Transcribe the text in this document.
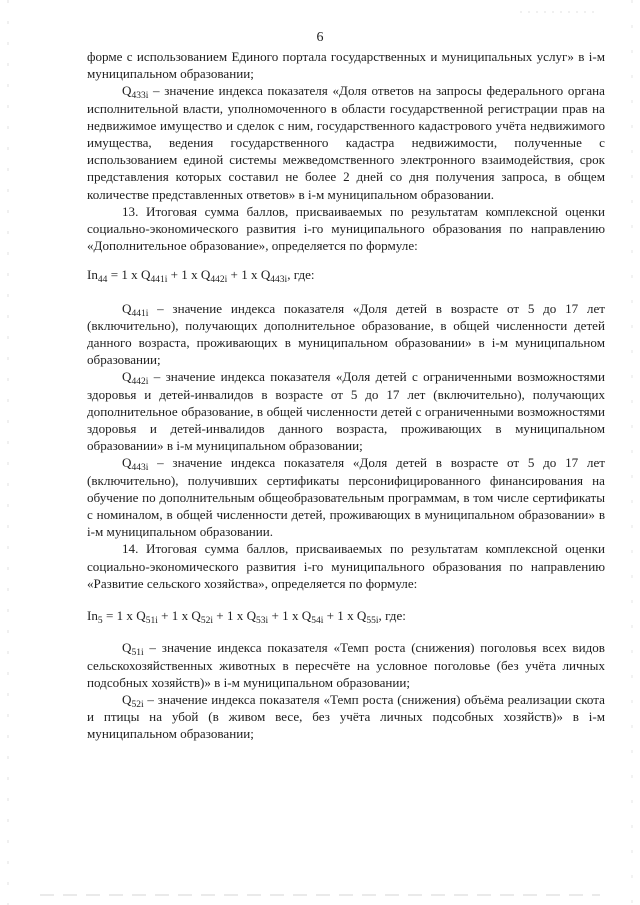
6

форме с использованием Единого портала государственных и муниципальных услуг» в i-м муниципальном образовании;

$Q_{433i}$ – значение индекса показателя «Доля ответов на запросы федерального органа исполнительной власти, уполномоченного в области государственной регистрации прав на недвижимое имущество и сделок с ним, государственного кадастрового учёта недвижимого имущества, ведения государственного кадастра недвижимости, полученные с использованием единой системы межведомственного электронного взаимодействия, срок представления которых составил не более 2 дней со дня получения запроса, в общем количестве представленных ответов» в i-м муниципальном образовании.

13. Итоговая сумма баллов, присваиваемых по результатам комплексной оценки социально-экономического развития i-го муниципального образования по направлению «Дополнительное образование», определяется по формуле:

$In_{44} = 1$ x $Q_{441i} + 1$ x $Q_{442i} + 1$ x $Q_{443i}$, где:

$Q_{441i}$ – значение индекса показателя «Доля детей в возрасте от 5 до 17 лет (включительно), получающих дополнительное образование, в общей численности детей данного возраста, проживающих в муниципальном образовании» в i-м муниципальном образовании;

$Q_{442i}$ – значение индекса показателя «Доля детей с ограниченными возможностями здоровья и детей-инвалидов в возрасте от 5 до 17 лет (включительно), получающих дополнительное образование, в общей численности детей с ограниченными возможностями здоровья и детей-инвалидов данного возраста, проживающих в муниципальном образовании» в i-м муниципальном образовании;

$Q_{443i}$ – значение индекса показателя «Доля детей в возрасте от 5 до 17 лет (включительно), получивших сертификаты персонифицированного финансирования на обучение по дополнительным общеобразовательным программам, в том числе сертификаты с номиналом, в общей численности детей, проживающих в муниципальном образовании» в i-м муниципальном образовании.

14. Итоговая сумма баллов, присваиваемых по результатам комплексной оценки социально-экономического развития i-го муниципального образования по направлению «Развитие сельского хозяйства», определяется по формуле:

$In_5 = 1$ x $Q_{51i} + 1$ x $Q_{52i} + 1$ x $Q_{53i} + 1$ x $Q_{54i} + 1$ x $Q_{55i}$, где:

$Q_{51i}$ – значение индекса показателя «Темп роста (снижения) поголовья всех видов сельскохозяйственных животных в пересчёте на условное поголовье (без учёта личных подсобных хозяйств)» в i-м муниципальном образовании;

$Q_{52i}$ – значение индекса показателя «Темп роста (снижения) объёма реализации скота и птицы на убой (в живом весе, без учёта личных подсобных хозяйств)» в i-м муниципальном образовании;
